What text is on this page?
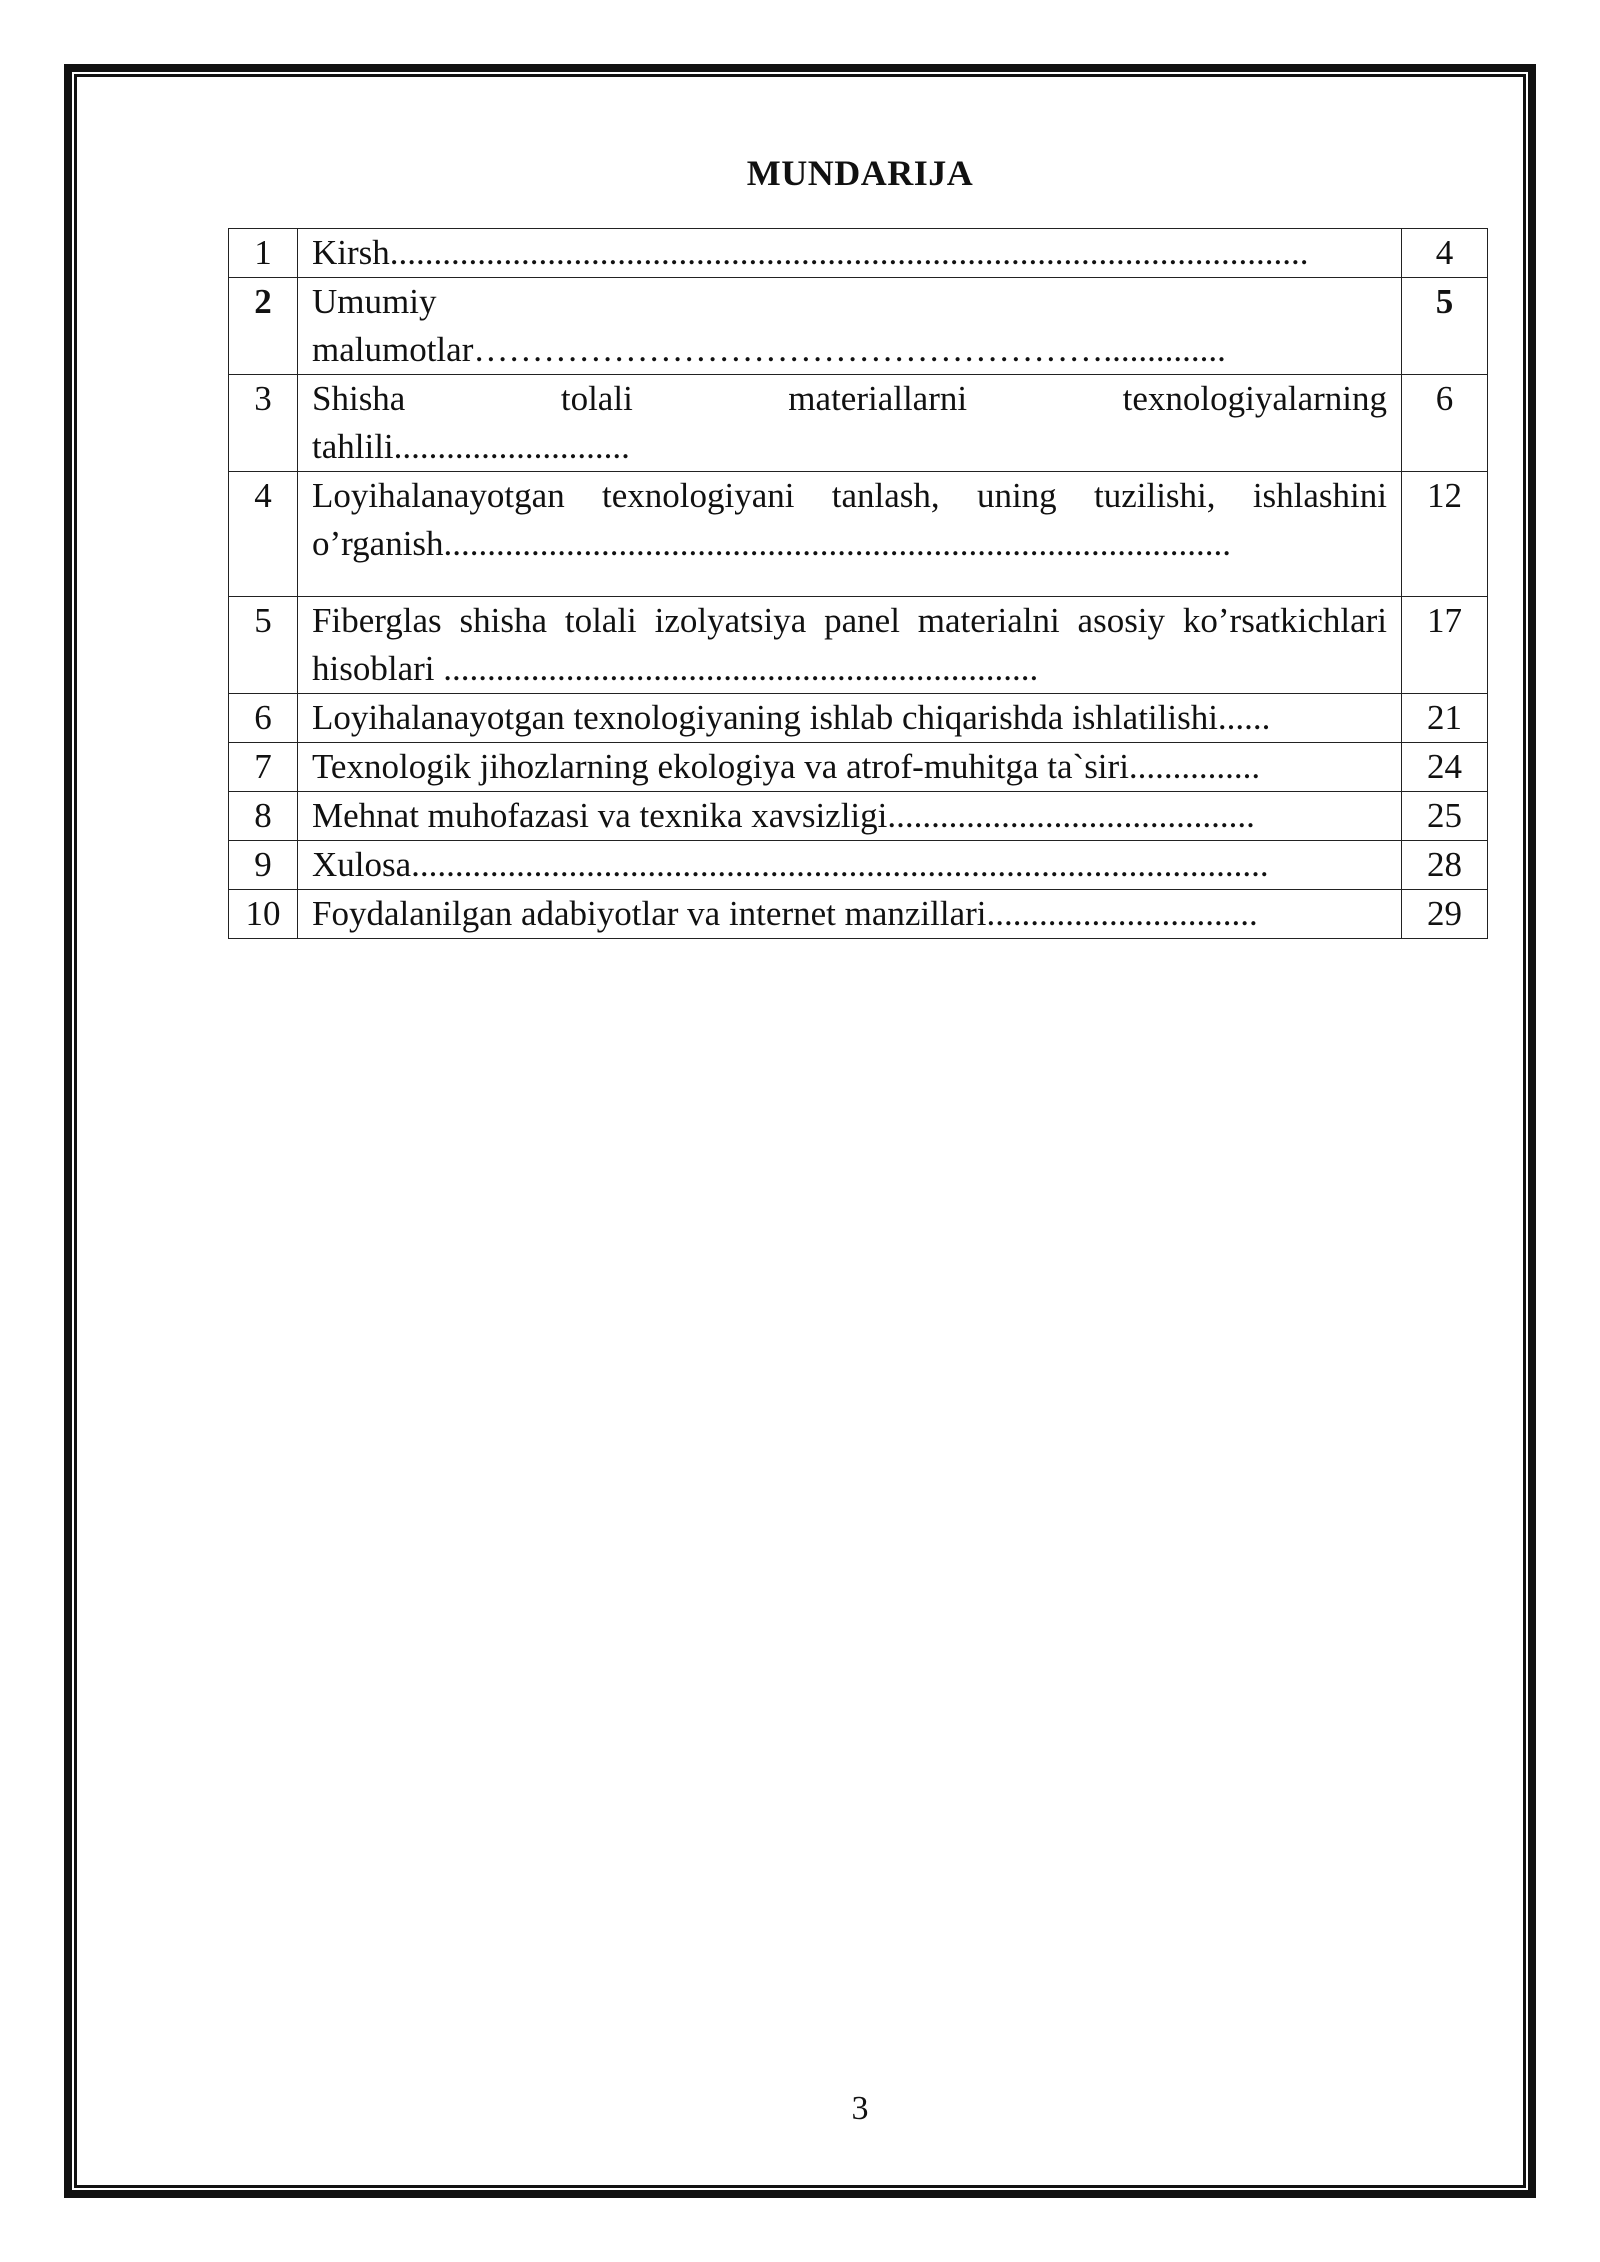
MUNDARIJA
1	Kirsh.........................................................................................................	4
2	Umumiy malumotlar………………………………………………..............	5
3	Shisha tolali materiallarni texnologiyalarning tahlili...........................	6
4	Loyihalanayotgan texnologiyani tanlash, uning tuzilishi, ishlashini o’rganish..........................................................................................	12
5	Fiberglas shisha tolali izolyatsiya panel materialni asosiy ko’rsatkichlari hisoblari ....................................................................	17
6	Loyihalanayotgan texnologiyaning ishlab chiqarishda ishlatilishi......	21
7	Texnologik jihozlarning ekologiya va atrof-muhitga ta`siri...............	24
8	Mehnat muhofazasi va texnika xavsizligi..........................................	25
9	Xulosa..................................................................................................	28
10	Foydalanilgan adabiyotlar va internet manzillari...............................	29
3
